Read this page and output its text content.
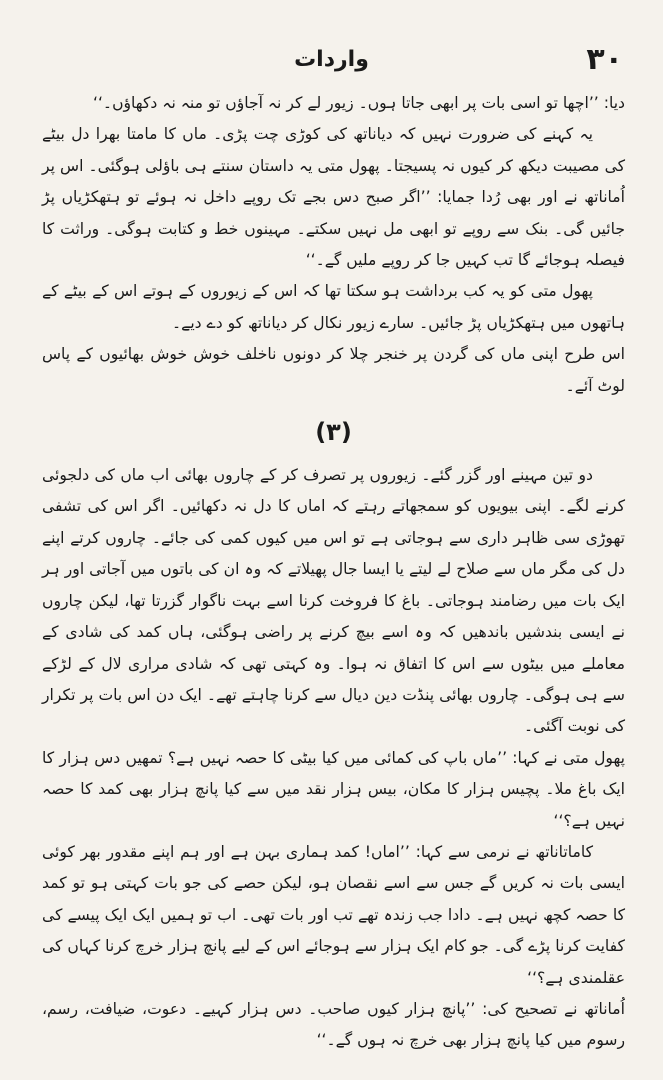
٣٠
واردات

دیا: ’’اچھا تو اسی بات پر ابھی جاتا ہوں۔ زیور لے کر نہ آجاؤں تو منہ نہ دکھاؤں۔‘‘

یہ کہنے کی ضرورت نہیں کہ دیاناتھ کی کوڑی چت پڑی۔ ماں کا مامتا بھرا دل بیٹے کی مصیبت دیکھ کر کیوں نہ پسیجتا۔ پھول متی یہ داستان سنتے ہی باؤلی ہوگئی۔ اس پر اُماناتھ نے اور بھی رُدا جمایا: ’’اگر صبح دس بجے تک روپے داخل نہ ہوئے تو ہتھکڑیاں پڑ جائیں گی۔ بنک سے روپے تو ابھی مل نہیں سکتے۔ مہینوں خط و کتابت ہوگی۔ وراثت کا فیصلہ ہوجائے گا تب کہیں جا کر روپے ملیں گے۔‘‘

پھول متی کو یہ کب برداشت ہو سکتا تھا کہ اس کے زیوروں کے ہوتے اس کے بیٹے کے ہاتھوں میں ہتھکڑیاں پڑ جائیں۔ سارے زیور نکال کر دیاناتھ کو دے دیے۔

اس طرح اپنی ماں کی گردن پر خنجر چلا کر دونوں ناخلف خوش خوش بھائیوں کے پاس لوٹ آئے۔

(٣)

دو تین مہینے اور گزر گئے۔ زیوروں پر تصرف کر کے چاروں بھائی اب ماں کی دلجوئی کرنے لگے۔ اپنی بیویوں کو سمجھاتے رہتے کہ اماں کا دل نہ دکھائیں۔ اگر اس کی تشفی تھوڑی سی ظاہر داری سے ہوجاتی ہے تو اس میں کیوں کمی کی جائے۔ چاروں کرتے اپنے دل کی مگر ماں سے صلاح لے لیتے یا ایسا جال پھیلاتے کہ وہ ان کی باتوں میں آجاتی اور ہر ایک بات میں رضامند ہوجاتی۔ باغ کا فروخت کرنا اسے بہت ناگوار گزرتا تھا، لیکن چاروں نے ایسی بندشیں باندھیں کہ وہ اسے بیچ کرنے پر راضی ہوگئی، ہاں کمد کی شادی کے معاملے میں بیٹوں سے اس کا اتفاق نہ ہوا۔ وہ کہتی تھی کہ شادی مراری لال کے لڑکے سے ہی ہوگی۔ چاروں بھائی پنڈت دین دیال سے کرنا چاہتے تھے۔ ایک دن اس بات پر تکرار کی نوبت آگئی۔

پھول متی نے کہا: ’’ماں باپ کی کمائی میں کیا بیٹی کا حصہ نہیں ہے؟ تمھیں دس ہزار کا ایک باغ ملا۔ پچیس ہزار کا مکان، بیس ہزار نقد میں سے کیا پانچ ہزار بھی کمد کا حصہ نہیں ہے؟‘‘

کاماتاناتھ نے نرمی سے کہا: ’’اماں! کمد ہماری بہن ہے اور ہم اپنے مقدور بھر کوئی ایسی بات نہ کریں گے جس سے اسے نقصان ہو، لیکن حصے کی جو بات کہتی ہو تو کمد کا حصہ کچھ نہیں ہے۔ دادا جب زندہ تھے تب اور بات تھی۔ اب تو ہمیں ایک ایک پیسے کی کفایت کرنا پڑے گی۔ جو کام ایک ہزار سے ہوجائے اس کے لیے پانچ ہزار خرچ کرنا کہاں کی عقلمندی ہے؟‘‘

اُماناتھ نے تصحیح کی: ’’پانچ ہزار کیوں صاحب۔ دس ہزار کہیے۔ دعوت، ضیافت، رسم، رسوم میں کیا پانچ ہزار بھی خرچ نہ ہوں گے۔‘‘
